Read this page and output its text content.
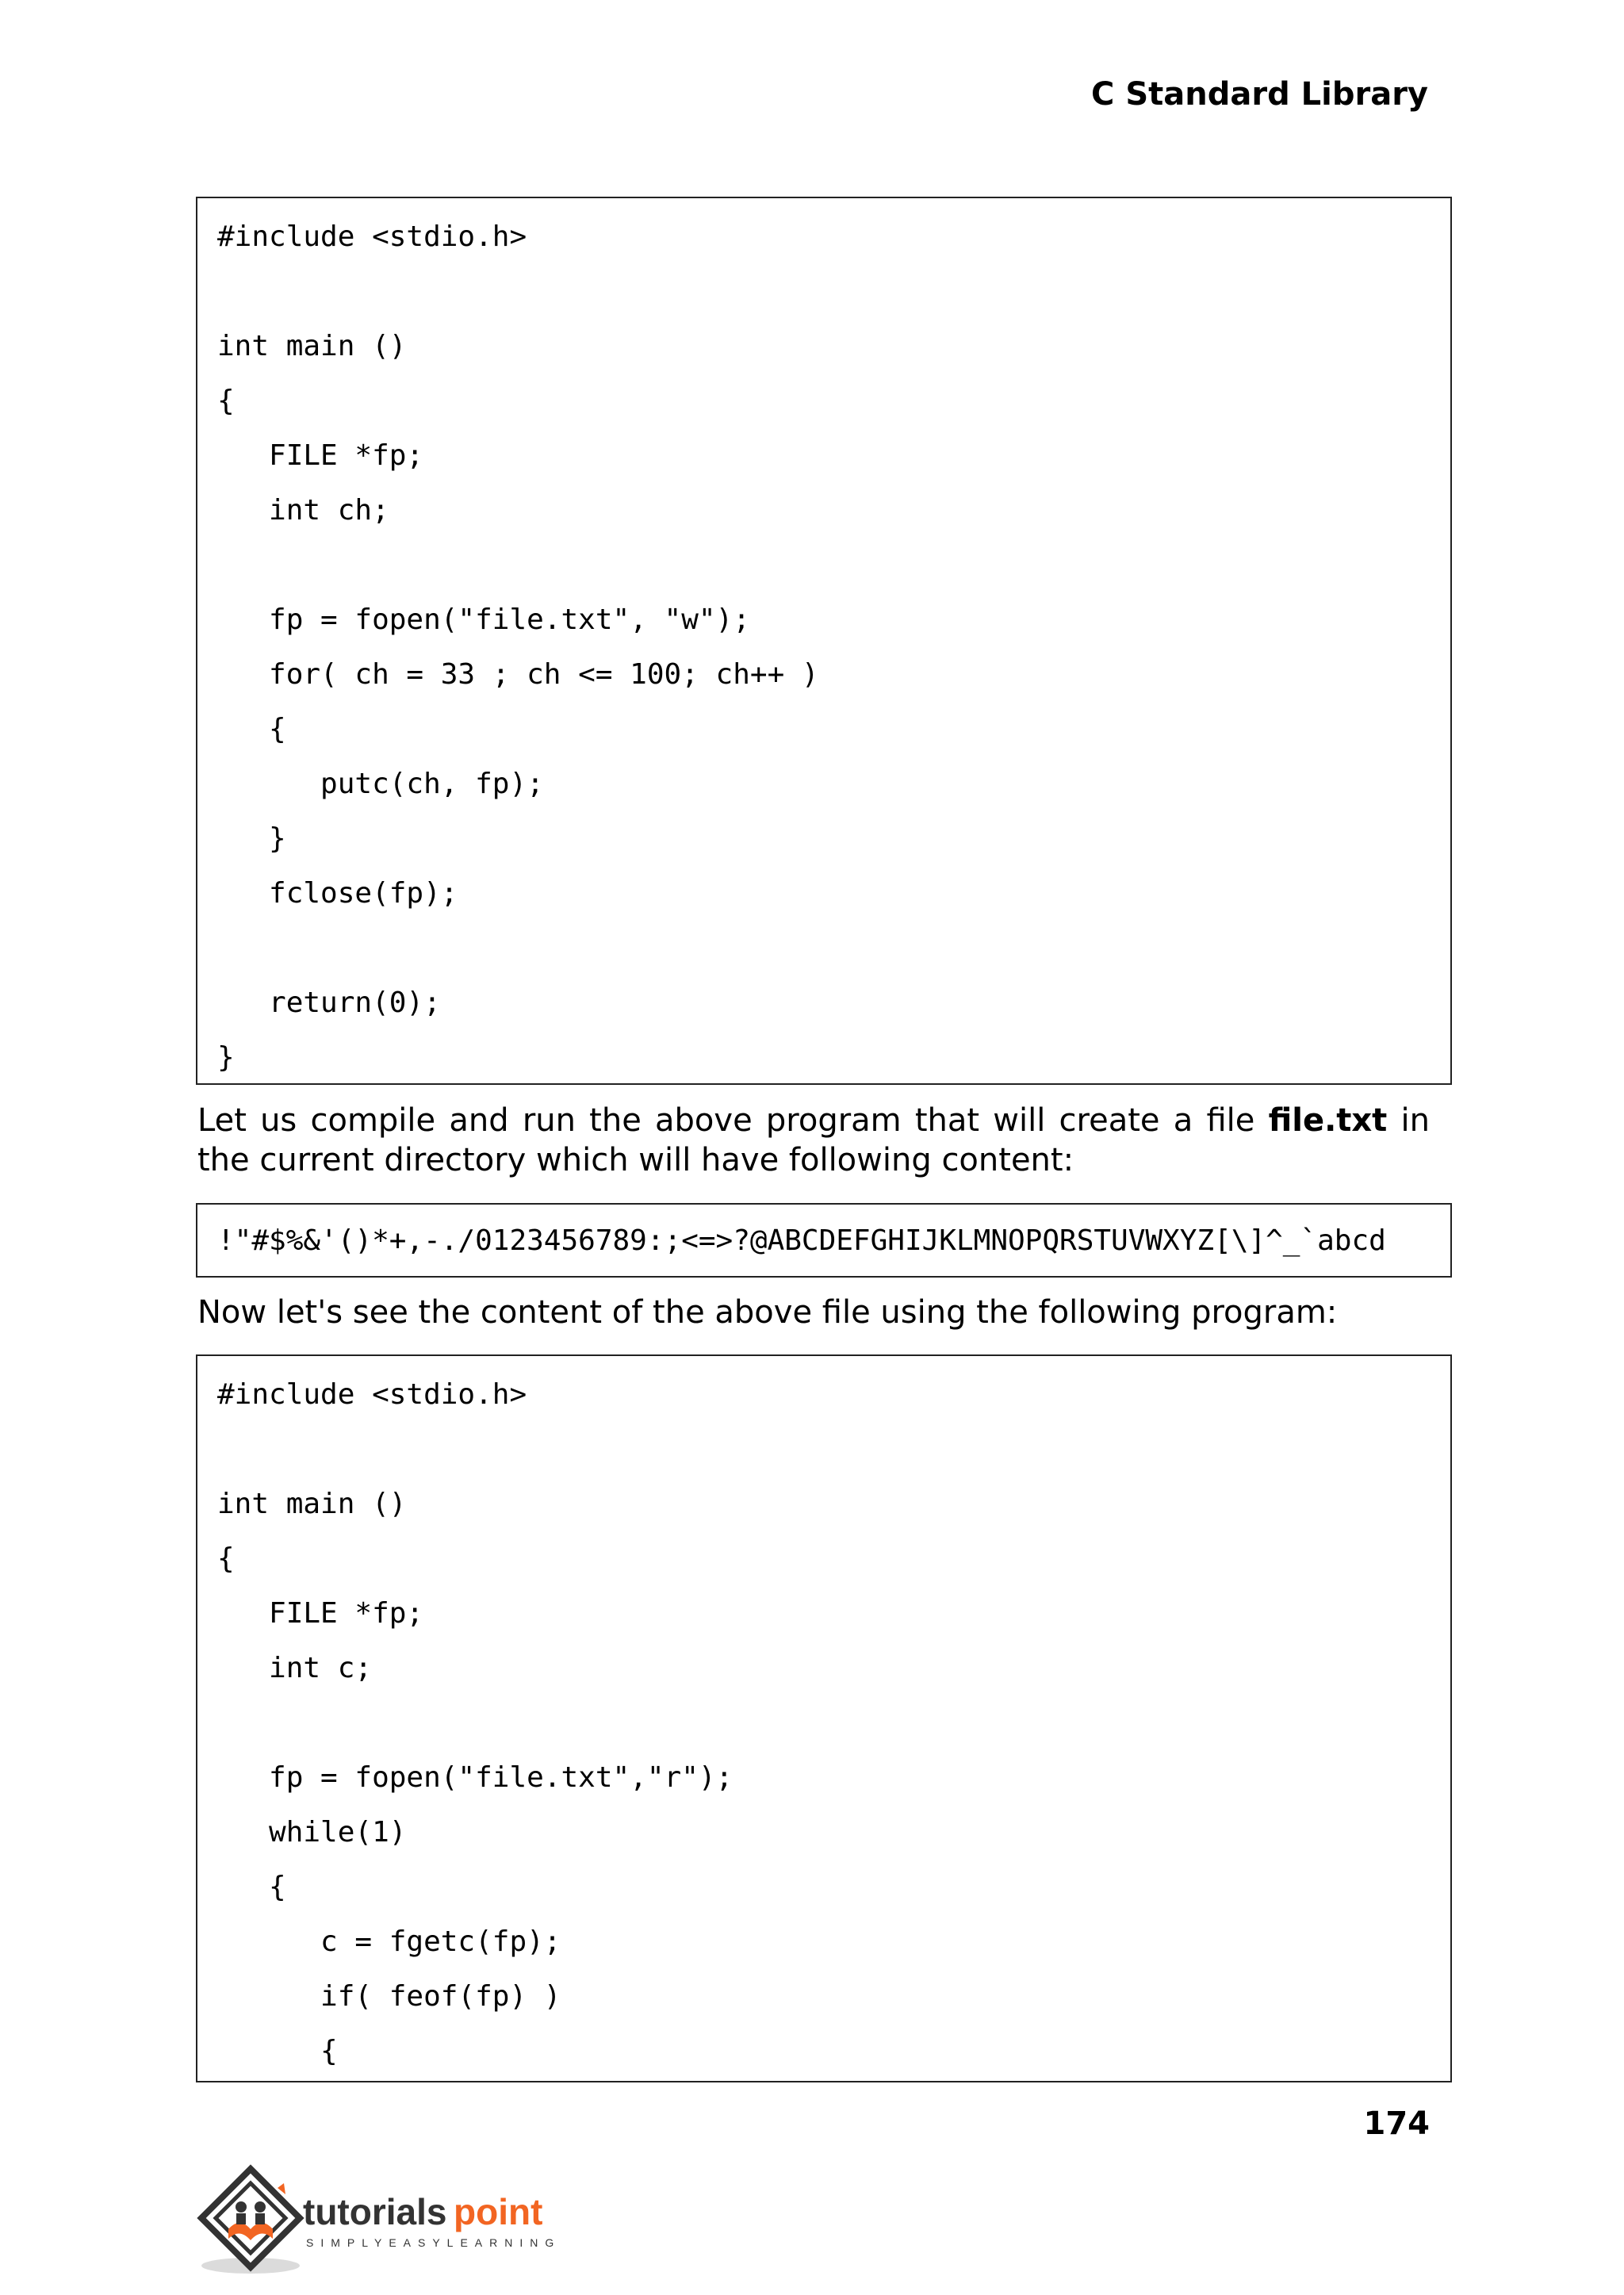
C Standard Library
#include <stdio.h>
int main ()
{
FILE *fp;
int ch;
fp = fopen("file.txt", "w");
for( ch = 33 ; ch <= 100; ch++ )
{
putc(ch, fp);
}
fclose(fp);
return(0);
}
Let us compile and run the above program that will create a file file.txt in the current directory which will have following content:
!"#$%&'()*+,-./0123456789:;<=>?@ABCDEFGHIJKLMNOPQRSTUVWXYZ[\]^_`abcd
Now let's see the content of the above file using the following program:
#include <stdio.h>
int main ()
{
FILE *fp;
int c;
fp = fopen("file.txt","r");
while(1)
{
c = fgetc(fp);
if( feof(fp) )
{
174
tutorials point
SIMPLYEASYLEARNING
